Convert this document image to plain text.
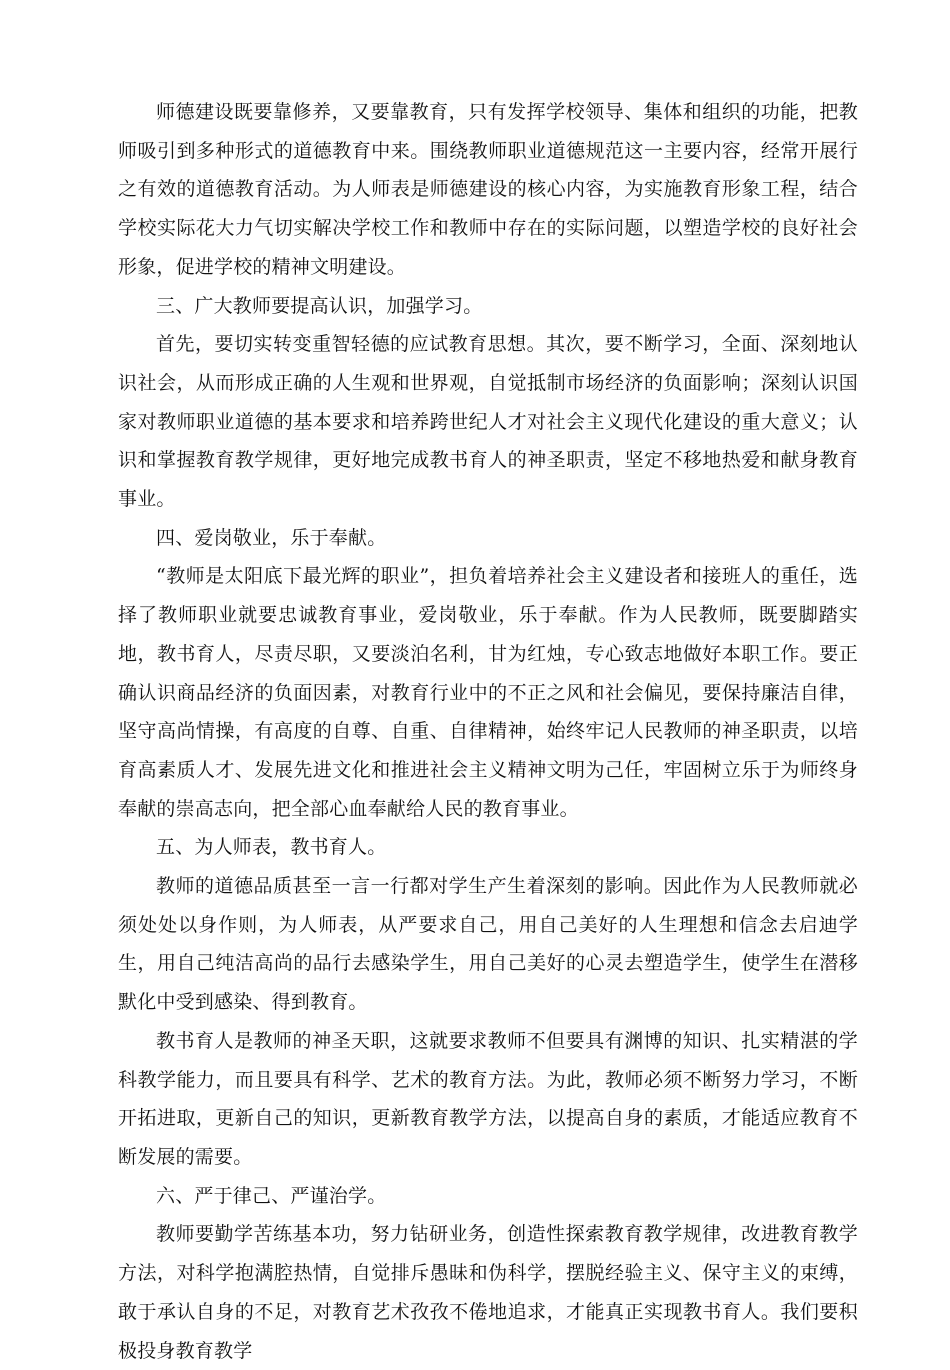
师德建设既要靠修养，又要靠教育，只有发挥学校领导、集体和组织的功能，把教师吸引到多种形式的道德教育中来。围绕教师职业道德规范这一主要内容，经常开展行之有效的道德教育活动。为人师表是师德建设的核心内容，为实施教育形象工程，结合学校实际花大力气切实解决学校工作和教师中存在的实际问题，以塑造学校的良好社会形象，促进学校的精神文明建设。

三、广大教师要提高认识，加强学习。

首先，要切实转变重智轻德的应试教育思想。其次，要不断学习，全面、深刻地认识社会，从而形成正确的人生观和世界观，自觉抵制市场经济的负面影响；深刻认识国家对教师职业道德的基本要求和培养跨世纪人才对社会主义现代化建设的重大意义；认识和掌握教育教学规律，更好地完成教书育人的神圣职责，坚定不移地热爱和献身教育事业。

四、爱岗敬业，乐于奉献。

“教师是太阳底下最光辉的职业”，担负着培养社会主义建设者和接班人的重任，选择了教师职业就要忠诚教育事业，爱岗敬业，乐于奉献。作为人民教师，既要脚踏实地，教书育人，尽责尽职，又要淡泊名利，甘为红烛，专心致志地做好本职工作。要正确认识商品经济的负面因素，对教育行业中的不正之风和社会偏见，要保持廉洁自律，坚守高尚情操，有高度的自尊、自重、自律精神，始终牢记人民教师的神圣职责，以培育高素质人才、发展先进文化和推进社会主义精神文明为己任，牢固树立乐于为师终身奉献的崇高志向，把全部心血奉献给人民的教育事业。

五、为人师表，教书育人。

教师的道德品质甚至一言一行都对学生产生着深刻的影响。因此作为人民教师就必须处处以身作则，为人师表，从严要求自己，用自己美好的人生理想和信念去启迪学生，用自己纯洁高尚的品行去感染学生，用自己美好的心灵去塑造学生，使学生在潜移默化中受到感染、得到教育。

教书育人是教师的神圣天职，这就要求教师不但要具有渊博的知识、扎实精湛的学科教学能力，而且要具有科学、艺术的教育方法。为此，教师必须不断努力学习，不断开拓进取，更新自己的知识，更新教育教学方法，以提高自身的素质，才能适应教育不断发展的需要。

六、严于律己、严谨治学。

教师要勤学苦练基本功，努力钻研业务，创造性探索教育教学规律，改进教育教学方法，对科学抱满腔热情，自觉排斥愚昧和伪科学，摆脱经验主义、保守主义的束缚，敢于承认自身的不足，对教育艺术孜孜不倦地追求，才能真正实现教书育人。我们要积极投身教育教学
